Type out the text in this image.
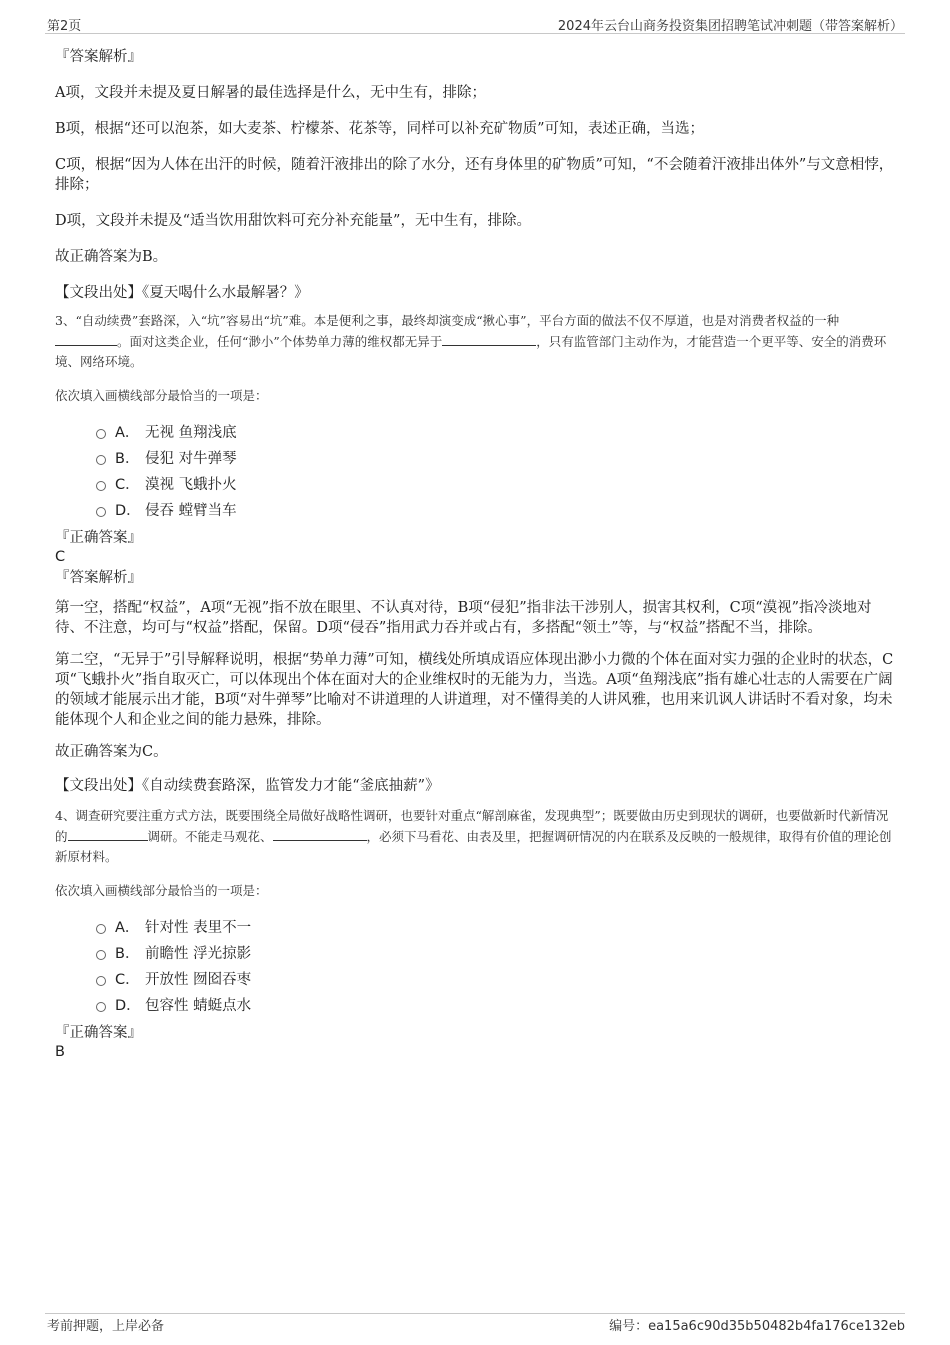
第2页	2024年云台山商务投资集团招聘笔试冲刺题（带答案解析）

『答案解析』

A项，文段并未提及夏日解暑的最佳选择是什么，无中生有，排除；

B项，根据“还可以泡茶，如大麦茶、柠檬茶、花茶等，同样可以补充矿物质”可知，表述正确，当选；

C项，根据“因为人体在出汗的时候，随着汗液排出的除了水分，还有身体里的矿物质”可知，“不会随着汗液排出体外”与文意相悖，排除；

D项，文段并未提及“适当饮用甜饮料可充分补充能量”，无中生有，排除。

故正确答案为B。

【文段出处】《夏天喝什么水最解暑？》

3、“自动续费”套路深，入“坑”容易出“坑”难。本是便利之事，最终却演变成“揪心事”，平台方面的做法不仅不厚道，也是对消费者权益的一种。面对这类企业，任何“渺小”个体势单力薄的维权都无异于	，只有监管部门主动作为，才能营造一个更平等、安全的消费环境、网络环境。

依次填入画横线部分最恰当的一项是：

A． 无视 鱼翔浅底
B． 侵犯 对牛弹琴
C． 漠视 飞蛾扑火
D． 侵吞 螳臂当车

『正确答案』

C

『答案解析』

第一空，搭配“权益”，A项“无视”指不放在眼里、不认真对待，B项“侵犯”指非法干涉别人，损害其权利，C项“漠视”指冷淡地对待、不注意，均可与“权益”搭配，保留。D项“侵吞”指用武力吞并或占有，多搭配“领土”等，与“权益”搭配不当，排除。

第二空，“无异于”引导解释说明，根据“势单力薄”可知，横线处所填成语应体现出渺小力微的个体在面对实力强的企业时的状态，C项“飞蛾扑火”指自取灭亡，可以体现出个体在面对大的企业维权时的无能为力，当选。A项“鱼翔浅底”指有雄心壮志的人需要在广阔的领域才能展示出才能，B项“对牛弹琴”比喻对不讲道理的人讲道理，对不懂得美的人讲风雅，也用来讥讽人讲话时不看对象，均未能体现个人和企业之间的能力悬殊，排除。

故正确答案为C。

【文段出处】《自动续费套路深，监管发力才能“釜底抽薪”》

4、调查研究要注重方式方法，既要围绕全局做好战略性调研，也要针对重点“解剖麻雀，发现典型”；既要做由历史到现状的调研，也要做新时代新情况的	调研。不能走马观花、	，必须下马看花、由表及里，把握调研情况的内在联系及反映的一般规律，取得有价值的理论创新原材料。

依次填入画横线部分最恰当的一项是：

A． 针对性 表里不一
B． 前瞻性 浮光掠影
C． 开放性 囫囵吞枣
D． 包容性 蜻蜓点水

『正确答案』

B

考前押题，上岸必备	编号：ea15a6c90d35b50482b4fa176ce132eb
